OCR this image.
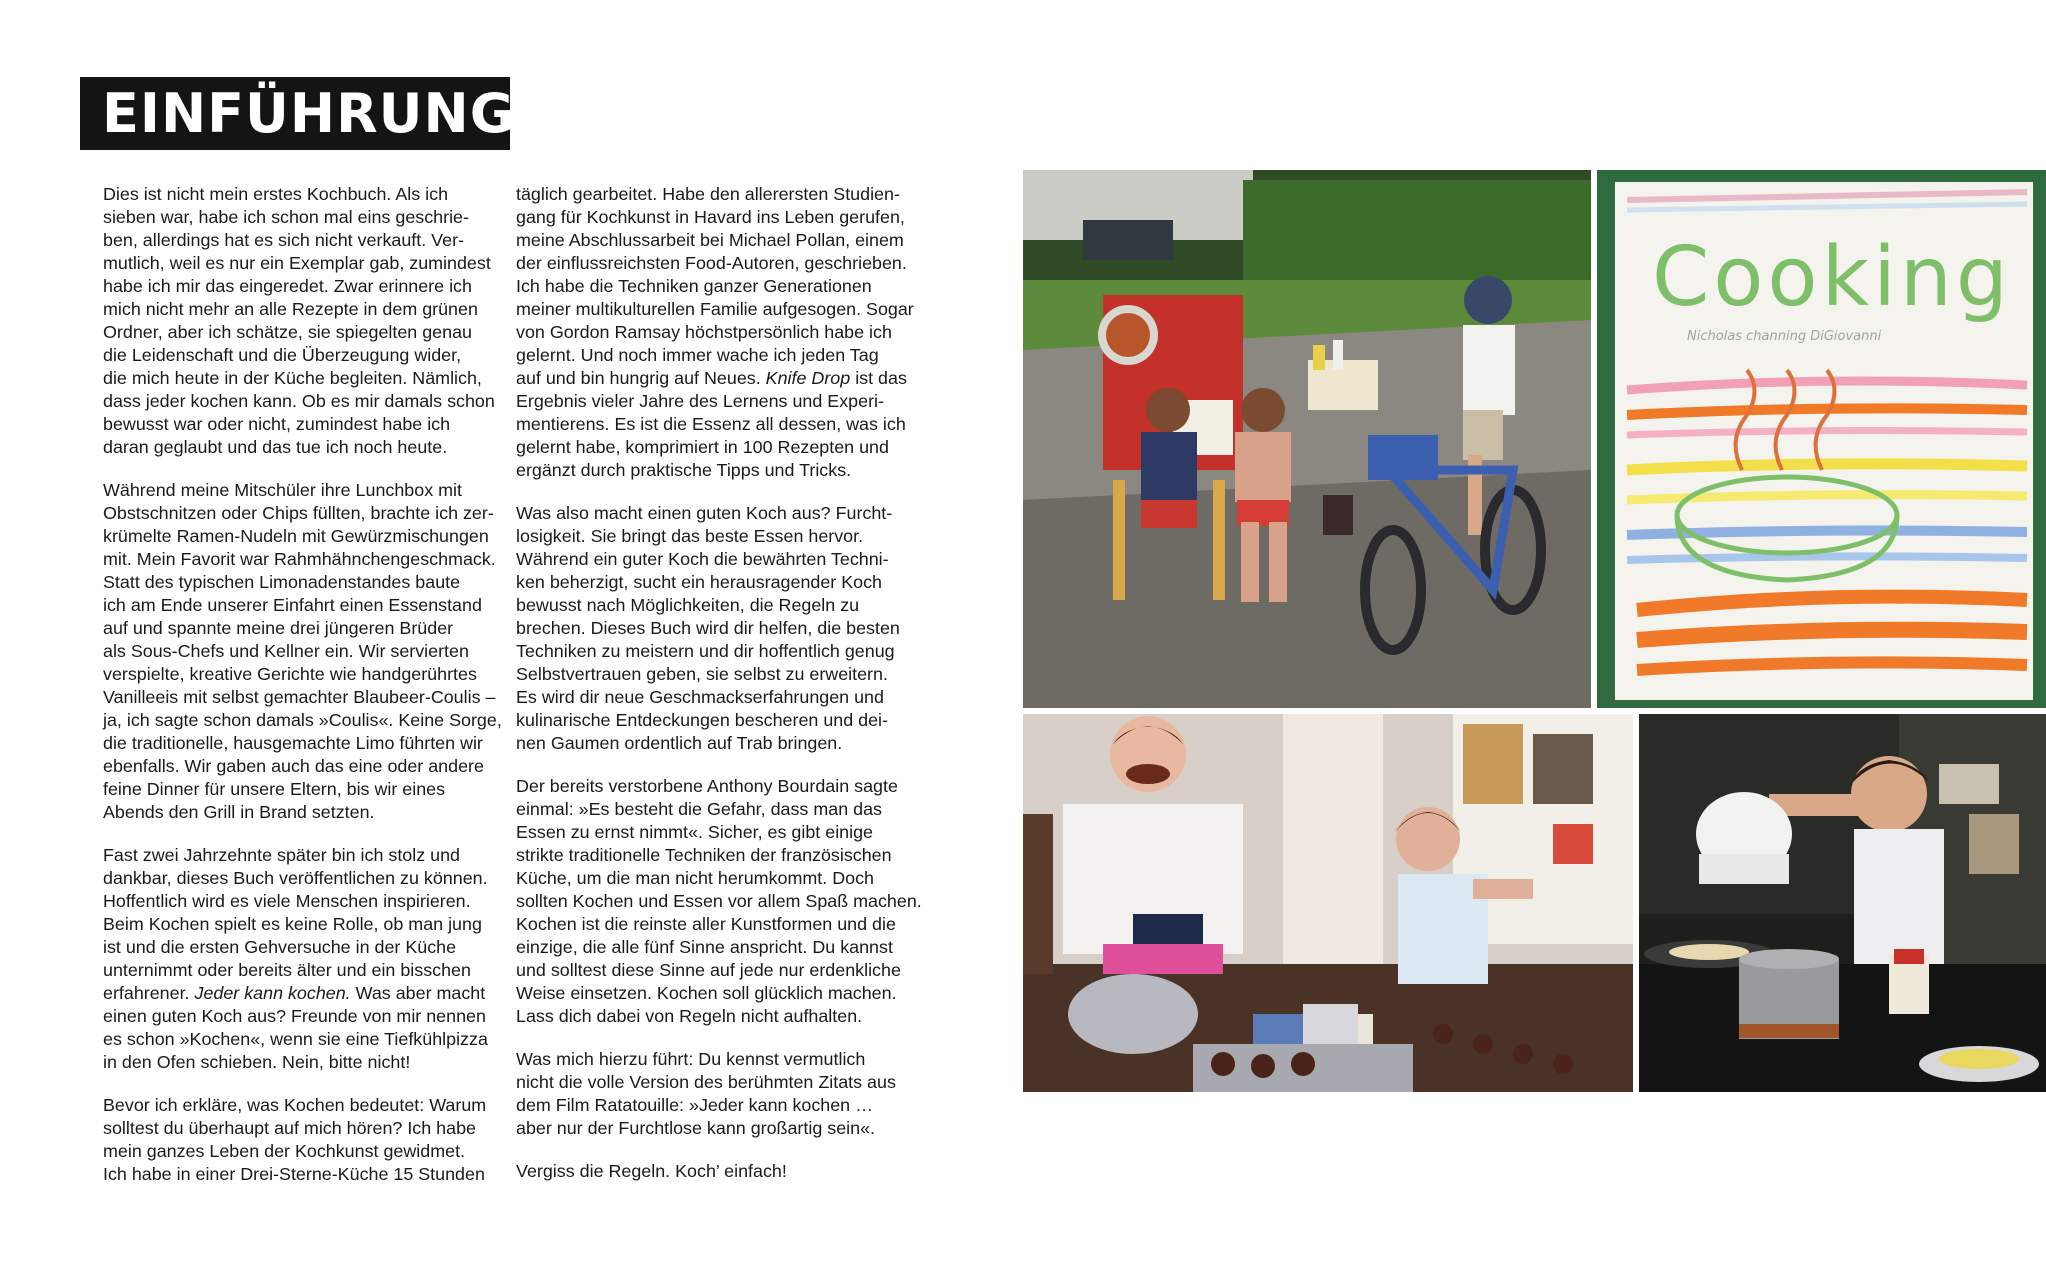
EINFÜHRUNG

Dies ist nicht mein erstes Kochbuch. Als ich
sieben war, habe ich schon mal eins geschrie-
ben, allerdings hat es sich nicht verkauft. Ver-
mutlich, weil es nur ein Exemplar gab, zumindest
habe ich mir das eingeredet. Zwar erinnere ich
mich nicht mehr an alle Rezepte in dem grünen
Ordner, aber ich schätze, sie spiegelten genau
die Leidenschaft und die Überzeugung wider,
die mich heute in der Küche begleiten. Nämlich,
dass jeder kochen kann. Ob es mir damals schon
bewusst war oder nicht, zumindest habe ich
daran geglaubt und das tue ich noch heute.

Während meine Mitschüler ihre Lunchbox mit
Obstschnitzen oder Chips füllten, brachte ich zer-
krümelte Ramen-Nudeln mit Gewürzmischungen
mit. Mein Favorit war Rahmhähnchengeschmack.
Statt des typischen Limonadenstandes baute
ich am Ende unserer Einfahrt einen Essenstand
auf und spannte meine drei jüngeren Brüder
als Sous-Chefs und Kellner ein. Wir servierten
verspielte, kreative Gerichte wie handgerührtes
Vanilleeis mit selbst gemachter Blaubeer-Coulis –
ja, ich sagte schon damals »Coulis«. Keine Sorge,
die traditionelle, hausgemachte Limo führten wir
ebenfalls. Wir gaben auch das eine oder andere
feine Dinner für unsere Eltern, bis wir eines
Abends den Grill in Brand setzten.

Fast zwei Jahrzehnte später bin ich stolz und
dankbar, dieses Buch veröffentlichen zu können.
Hoffentlich wird es viele Menschen inspirieren.
Beim Kochen spielt es keine Rolle, ob man jung
ist und die ersten Gehversuche in der Küche
unternimmt oder bereits älter und ein bisschen
erfahrener. Jeder kann kochen. Was aber macht
einen guten Koch aus? Freunde von mir nennen
es schon »Kochen«, wenn sie eine Tiefkühlpizza
in den Ofen schieben. Nein, bitte nicht!

Bevor ich erkläre, was Kochen bedeutet: Warum
solltest du überhaupt auf mich hören? Ich habe
mein ganzes Leben der Kochkunst gewidmet.
Ich habe in einer Drei-Sterne-Küche 15 Stunden

täglich gearbeitet. Habe den allerersten Studien-
gang für Kochkunst in Havard ins Leben gerufen,
meine Abschlussarbeit bei Michael Pollan, einem
der einflussreichsten Food-Autoren, geschrieben.
Ich habe die Techniken ganzer Generationen
meiner multikulturellen Familie aufgesogen. Sogar
von Gordon Ramsay höchstpersönlich habe ich
gelernt. Und noch immer wache ich jeden Tag
auf und bin hungrig auf Neues. Knife Drop ist das
Ergebnis vieler Jahre des Lernens und Experi-
mentierens. Es ist die Essenz all dessen, was ich
gelernt habe, komprimiert in 100 Rezepten und
ergänzt durch praktische Tipps und Tricks.

Was also macht einen guten Koch aus? Furcht-
losigkeit. Sie bringt das beste Essen hervor.
Während ein guter Koch die bewährten Techni-
ken beherzigt, sucht ein herausragender Koch
bewusst nach Möglichkeiten, die Regeln zu
brechen. Dieses Buch wird dir helfen, die besten
Techniken zu meistern und dir hoffentlich genug
Selbstvertrauen geben, sie selbst zu erweitern.
Es wird dir neue Geschmackserfahrungen und
kulinarische Entdeckungen bescheren und dei-
nen Gaumen ordentlich auf Trab bringen.

Der bereits verstorbene Anthony Bourdain sagte
einmal: »Es besteht die Gefahr, dass man das
Essen zu ernst nimmt«. Sicher, es gibt einige
strikte traditionelle Techniken der französischen
Küche, um die man nicht herumkommt. Doch
sollten Kochen und Essen vor allem Spaß machen.
Kochen ist die reinste aller Kunstformen und die
einzige, die alle fünf Sinne anspricht. Du kannst
und solltest diese Sinne auf jede nur erdenkliche
Weise einsetzen. Kochen soll glücklich machen.
Lass dich dabei von Regeln nicht aufhalten.

Was mich hierzu führt: Du kennst vermutlich
nicht die volle Version des berühmten Zitats aus
dem Film Ratatouille: »Jeder kann kochen …
aber nur der Furchtlose kann großartig sein«.

Vergiss die Regeln. Koch’ einfach!

Cooking
Nicholas channing DiGiovanni
